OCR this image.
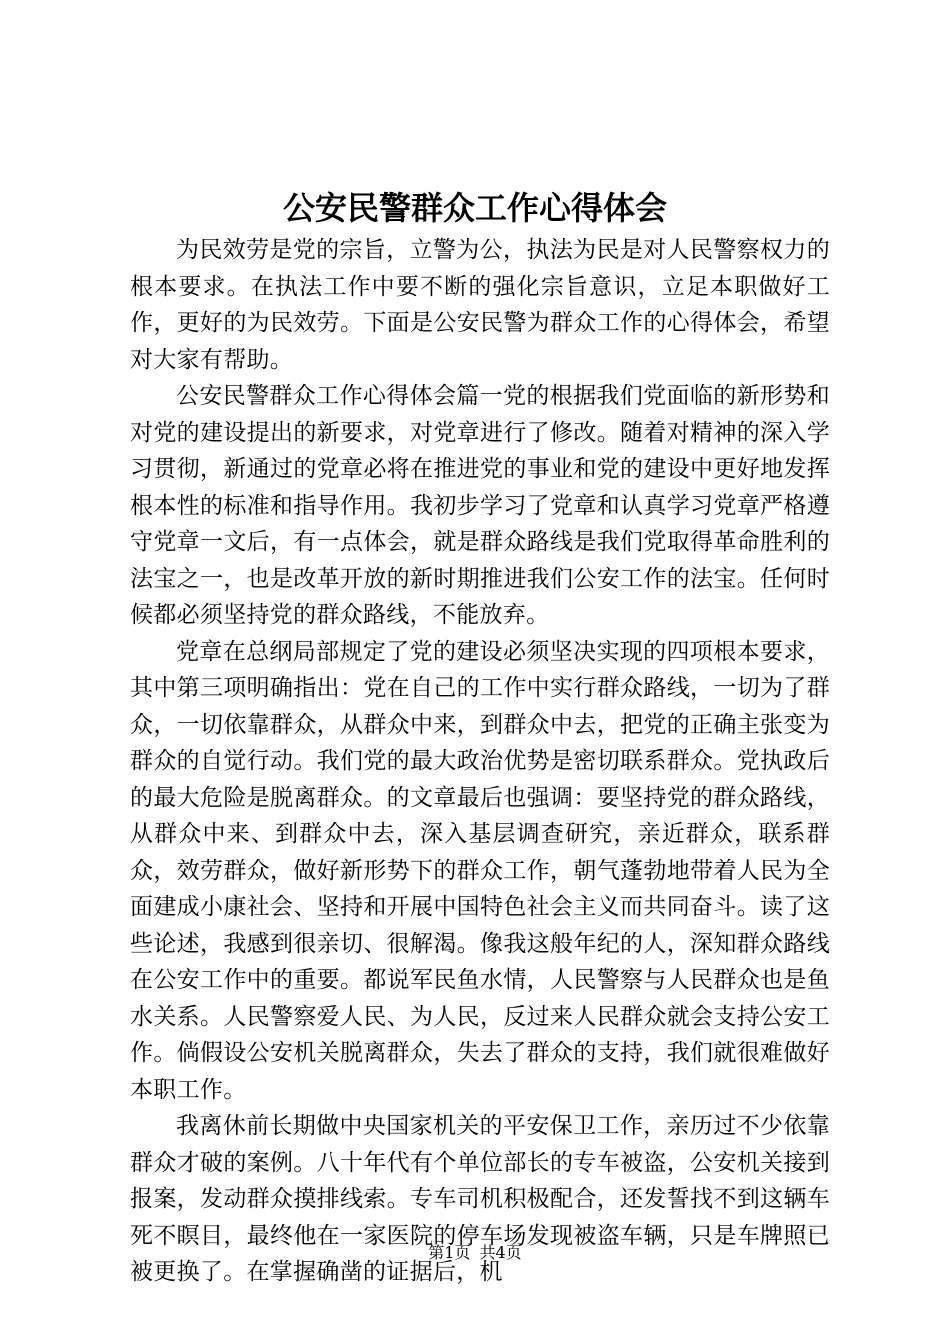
公安民警群众工作心得体会

为民效劳是党的宗旨，立警为公，执法为民是对人民警察权力的根本要求。在执法工作中要不断的强化宗旨意识，立足本职做好工作，更好的为民效劳。下面是公安民警为群众工作的心得体会，希望对大家有帮助。

公安民警群众工作心得体会篇一党的根据我们党面临的新形势和对党的建设提出的新要求，对党章进行了修改。随着对精神的深入学习贯彻，新通过的党章必将在推进党的事业和党的建设中更好地发挥根本性的标准和指导作用。我初步学习了党章和认真学习党章严格遵守党章一文后，有一点体会，就是群众路线是我们党取得革命胜利的法宝之一，也是改革开放的新时期推进我们公安工作的法宝。任何时候都必须坚持党的群众路线，不能放弃。

党章在总纲局部规定了党的建设必须坚决实现的四项根本要求，其中第三项明确指出：党在自己的工作中实行群众路线，一切为了群众，一切依靠群众，从群众中来，到群众中去，把党的正确主张变为群众的自觉行动。我们党的最大政治优势是密切联系群众。党执政后的最大危险是脱离群众。的文章最后也强调：要坚持党的群众路线，从群众中来、到群众中去，深入基层调查研究，亲近群众，联系群众，效劳群众，做好新形势下的群众工作，朝气蓬勃地带着人民为全面建成小康社会、坚持和开展中国特色社会主义而共同奋斗。读了这些论述，我感到很亲切、很解渴。像我这般年纪的人，深知群众路线在公安工作中的重要。都说军民鱼水情，人民警察与人民群众也是鱼水关系。人民警察爱人民、为人民，反过来人民群众就会支持公安工作。倘假设公安机关脱离群众，失去了群众的支持，我们就很难做好本职工作。

我离休前长期做中央国家机关的平安保卫工作，亲历过不少依靠群众才破的案例。八十年代有个单位部长的专车被盗，公安机关接到报案，发动群众摸排线索。专车司机积极配合，还发誓找不到这辆车死不瞑目，最终他在一家医院的停车场发现被盗车辆，只是车牌照已被更换了。在掌握确凿的证据后，机

第1页 共4页
